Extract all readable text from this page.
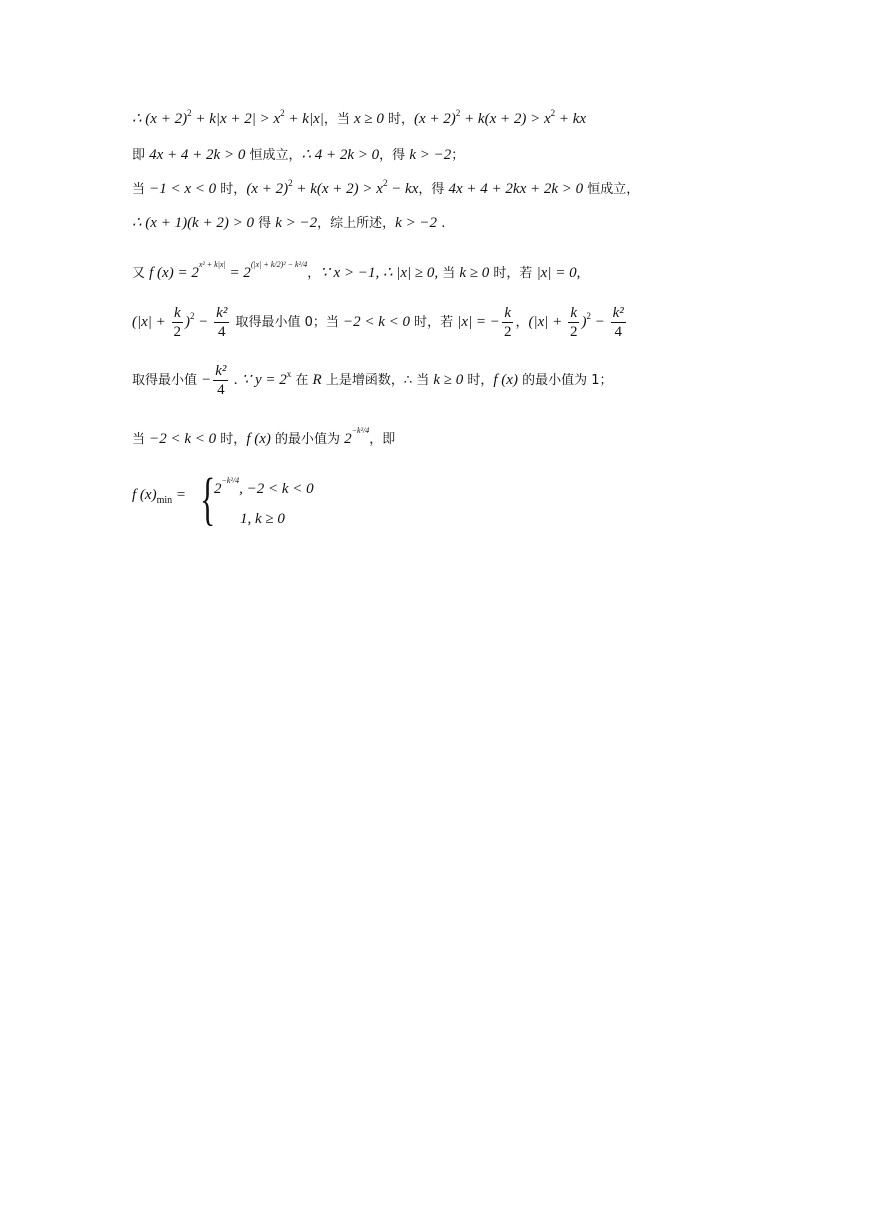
∴ $(x + 2)^2 + k|x + 2| > x^2 + k|x|$，当 x ≥ 0 时，$(x + 2)^2 + k(x + 2) > x^2$ + kx
即 4x + 4 + 2k > 0 恒成立，∴ 4 + 2k > 0，得 k > −2；
当 −1 < x < 0 时，$(x + 2)^2 + k(x + 2) > x^2$ − kx，得 4x + 4 + 2kx + 2k > 0 恒成立，
∴ (x + 1)(k + 2) > 0 得 k > −2，综上所述，k > −2 .
又 f $(x) = 2^{x^2 + k|x|} = 2^{(|x| + k/2)^2 - k^2/4}$，∵ x > −1, ∴ |x| ≥ 0, 当 k ≥ 0 时，若 |x| = 0,
$(|x| + \frac{k}{2} )^2 - \frac{\text{k²}}{4}$ 取得最小值 0；当 −2 < k < 0 时，若 |x| = − $\frac{k}{2}$ ，$(|x| + \frac{k}{2} )^2 - \frac{\text{k²}}{4}$
取得最小值 − $\frac{\text{k²}}{4}$ . ∵ $y = 2^x$ 在 R 上是增函数，∴ 当 k ≥ 0 时，f (x) 的最小值为 1；
当 −2 < k < 0 时，f (x) 的最小值为 $2^{-k^2/4}$，即
f $(x)_{min}$ = {
$2^{-k^2/4}$, −2 < k < 0
1, k ≥ 0
